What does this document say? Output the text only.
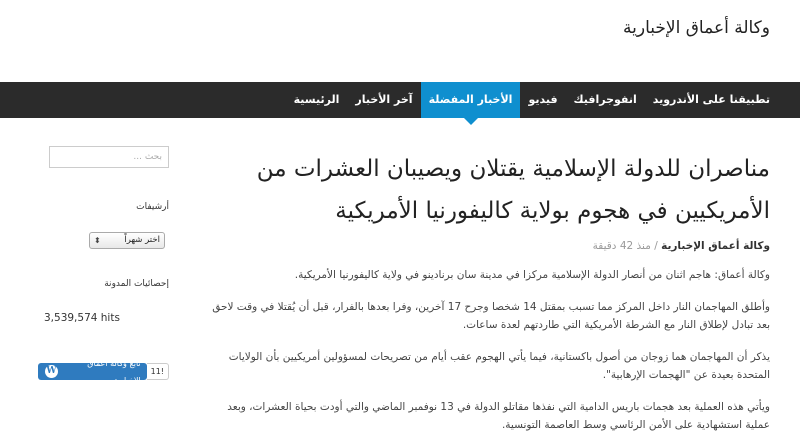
وكالة أعماق الإخبارية
الرئيسية	آخر الأخبار	الأخبار المفضلة	فيديو	انفوجرافيك	تطبيقنا على الأندرويد
مناصران للدولة الإسلامية يقتلان ويصيبان العشرات من الأمريكيين في هجوم بولاية كاليفورنيا الأمريكية
وكالة أعماق الإخبارية / منذ 42 دقيقة

وكالة أعماق: هاجم اثنان من أنصار الدولة الإسلامية مركزا في مدينة سان برنادينو في ولاية كاليفورنيا الأمريكية.

وأطلق المهاجمان النار داخل المركز مما تسبب بمقتل 14 شخصا وجرح 17 آخرين، وفرا بعدها بالفرار، قبل أن يُقتلا في وقت لاحق بعد تبادل لإطلاق النار مع الشرطة الأمريكية التي طاردتهم لعدة ساعات.

يذكر أن المهاجمان هما زوجان من أصول باكستانية، فيما يأتي الهجوم عقب أيام من تصريحات لمسؤولين أمريكيين بأن الولايات المتحدة بعيدة عن "الهجمات الإرهابية".

ويأتي هذه العملية بعد هجمات باريس الدامية التي نفذها مقاتلو الدولة في 13 نوفمبر الماضي والتي أودت بحياة العشرات، وبعد عملية استشهادية على الأمن الرئاسي وسط العاصمة التونسية.

بحث ...
أرشيفات
اختر شهراً
⬍
إحصائيات المدونة
3,539,574 hits
تابع وكالة أعماق الإخبارية
W	11!
